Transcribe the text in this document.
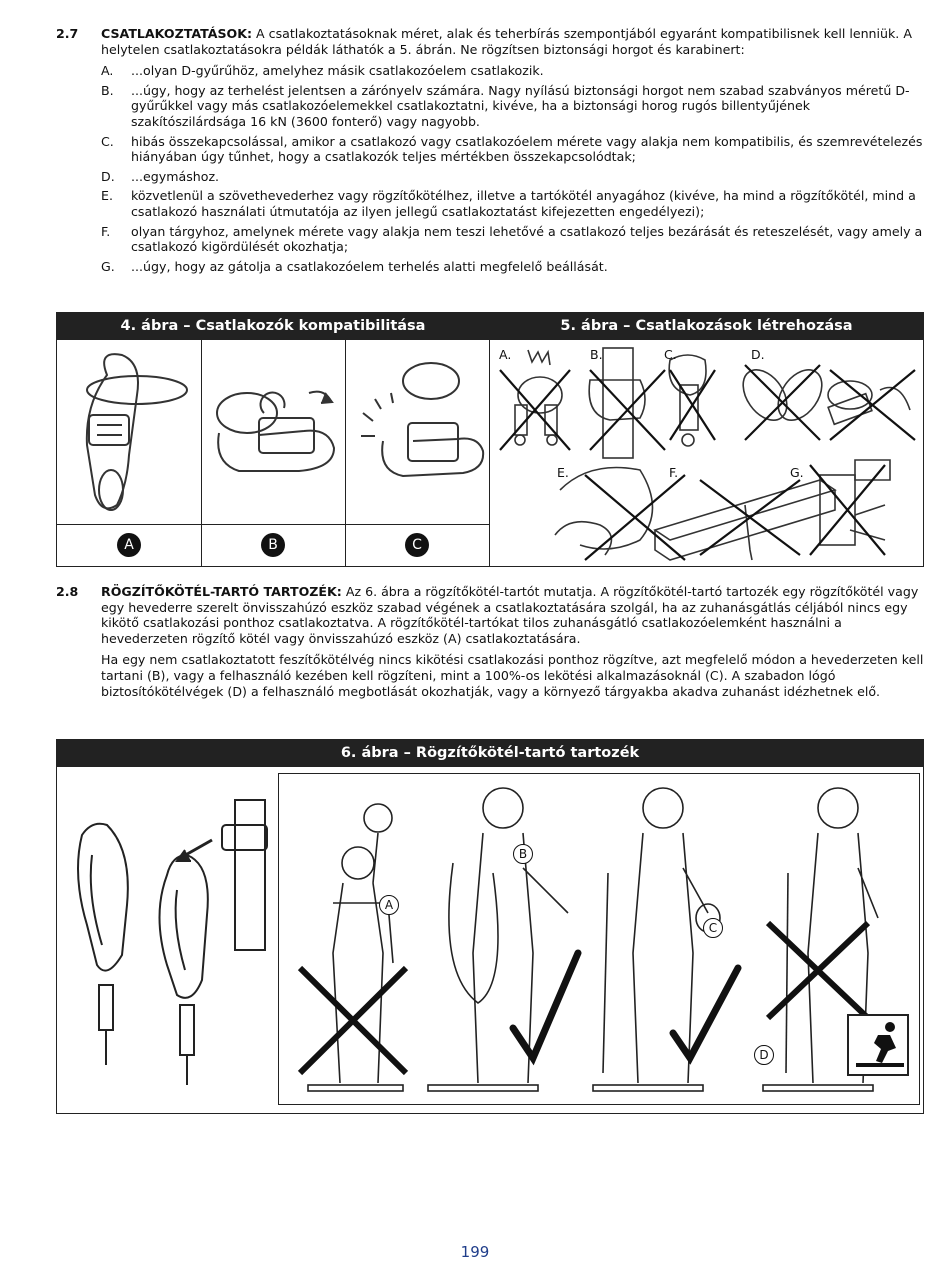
2.7 CSATLAKOZTATÁSOK: A csatlakoztatásoknak méret, alak és teherbírás szempontjából egyaránt kompatibilisnek kell lenniük. A helytelen csatlakoztatásokra példák láthatók a 5. ábrán. Ne rögzítsen biztonsági horgot és karabinert:
A. ...olyan D-gyűrűhöz, amelyhez másik csatlakozóelem csatlakozik.
B. ...úgy, hogy az terhelést jelentsen a zárónyelv számára. Nagy nyílású biztonsági horgot nem szabad szabványos méretű D-gyűrűkkel vagy más csatlakozóelemekkel csatlakoztatni, kivéve, ha a biztonsági horog rugós billentyűjének szakítószilárdsága 16 kN (3600 fonterő) vagy nagyobb.
C. hibás összekapcsolással, amikor a csatlakozó vagy csatlakozóelem mérete vagy alakja nem kompatibilis, és szemrevételezés hiányában úgy tűnhet, hogy a csatlakozók teljes mértékben összekapcsolódtak;
D. ...egymáshoz.
E. közvetlenül a szövethevederhez vagy rögzítőkötélhez, illetve a tartókötél anyagához (kivéve, ha mind a rögzítőkötél, mind a csatlakozó használati útmutatója az ilyen jellegű csatlakoztatást kifejezetten engedélyezi);
F. olyan tárgyhoz, amelynek mérete vagy alakja nem teszi lehetővé a csatlakozó teljes bezárását és reteszelését, vagy amely a csatlakozó kigördülését okozhatja;
G. ...úgy, hogy az gátolja a csatlakozóelem terhelés alatti megfelelő beállását.
4. ábra – Csatlakozók kompatibilitása	5. ábra – Csatlakozások létrehozása
A	B	C
A.	B.	C.	D.
E.	F.	G.
2.8 RÖGZÍTŐKÖTÉL-TARTÓ TARTOZÉK: Az 6. ábra a rögzítőkötél-tartót mutatja. A rögzítőkötél-tartó tartozék egy rögzítőkötél vagy egy hevederre szerelt önvisszahúzó eszköz szabad végének a csatlakoztatására szolgál, ha az zuhanásgátlás céljából nincs egy kikötő csatlakozási ponthoz csatlakoztatva. A rögzítőkötél-tartókat tilos zuhanásgátló csatlakozóelemként használni a hevederzeten rögzítő kötél vagy önvisszahúzó eszköz (A) csatlakoztatására.
Ha egy nem csatlakoztatott feszítőkötélvég nincs kikötési csatlakozási ponthoz rögzítve, azt megfelelő módon a hevederzeten kell tartani (B), vagy a felhasználó kezében kell rögzíteni, mint a 100%-os lekötési alkalmazásoknál (C). A szabadon lógó biztosítókötélvégek (D) a felhasználó megbotlását okozhatják, vagy a környező tárgyakba akadva zuhanást idézhetnek elő.
6. ábra – Rögzítőkötél-tartó tartozék
A
B
C
D
199
